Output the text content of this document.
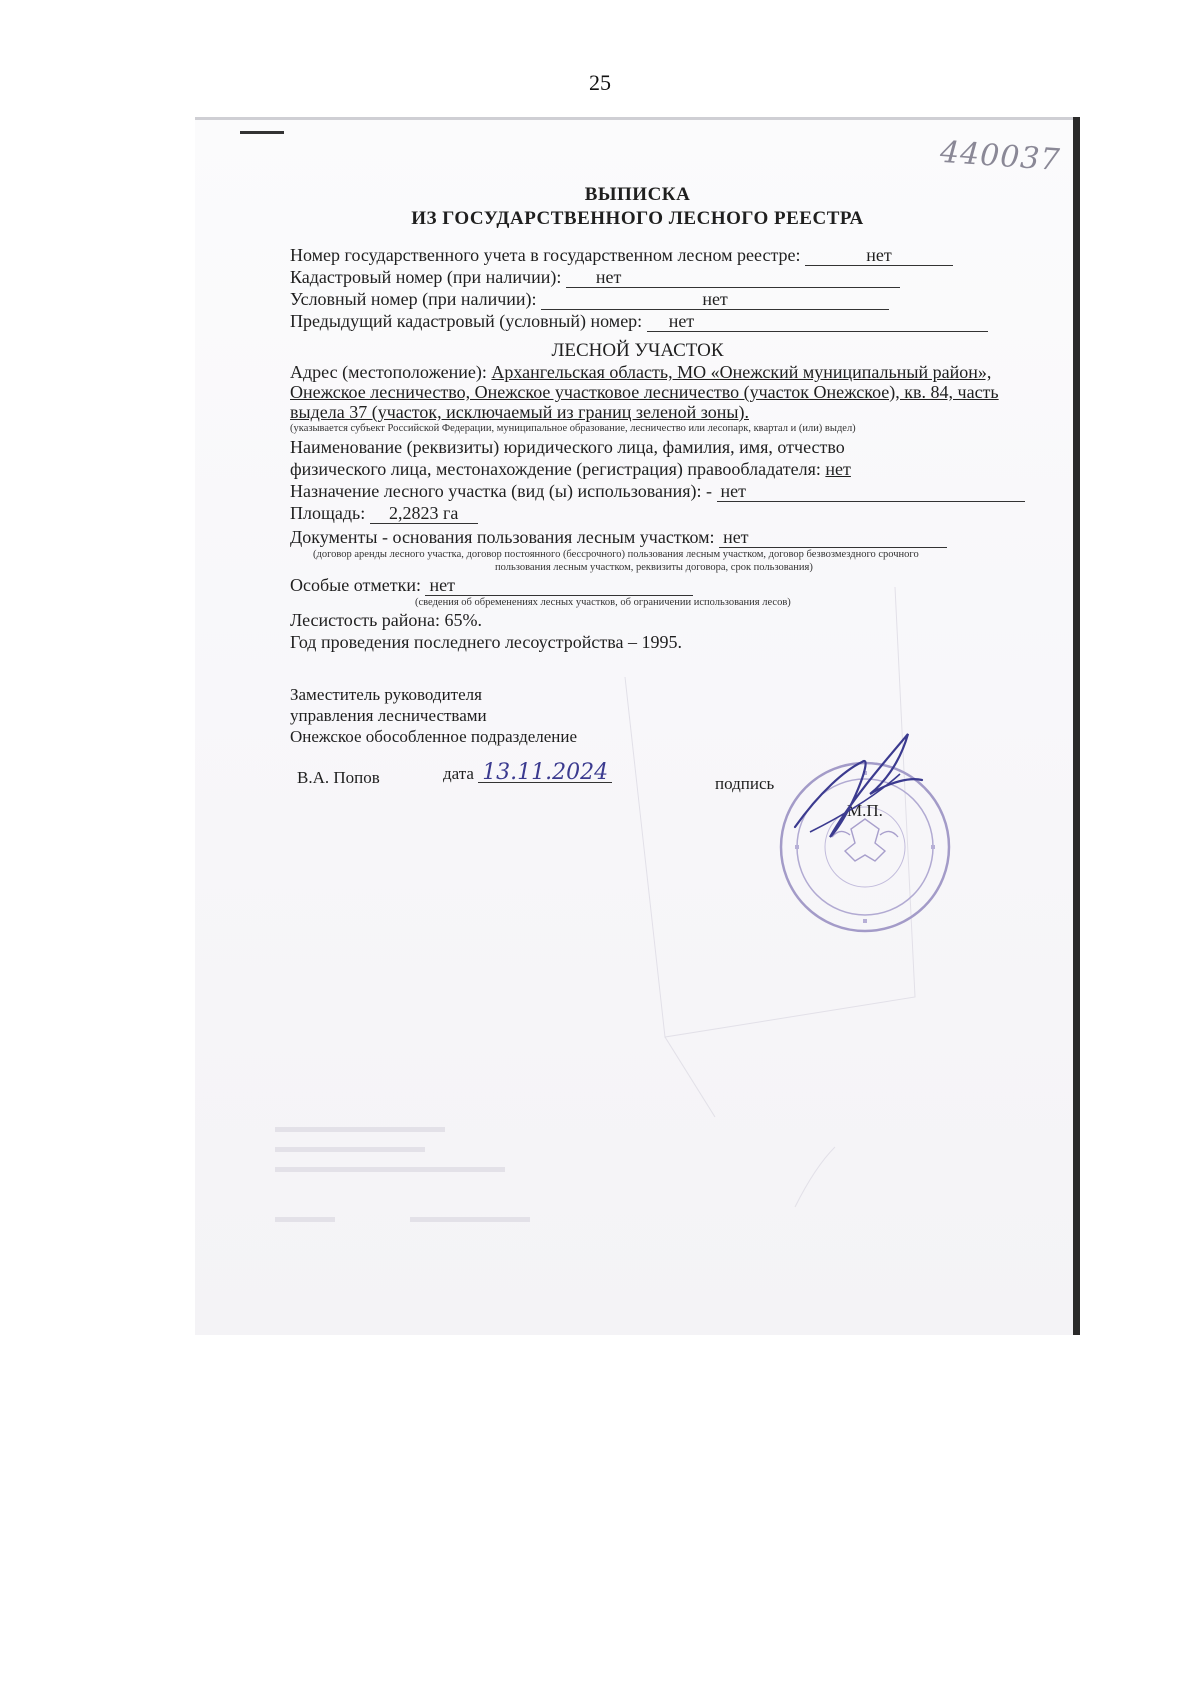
25
440037
ВЫПИСКА
ИЗ ГОСУДАРСТВЕННОГО ЛЕСНОГО РЕЕСТРА
Номер государственного учета в государственном лесном реестре:	нет
Кадастровый номер (при наличии): нет
Условный номер (при наличии):	нет
Предыдущий кадастровый (условный) номер: нет
ЛЕСНОЙ УЧАСТОК
Адрес (местоположение): Архангельская область, МО «Онежский муниципальный район»,
Онежское лесничество, Онежское участковое лесничество (участок Онежское), кв. 84, часть
выдела 37 (участок, исключаемый из границ зеленой зоны).
(указывается субъект Российской Федерации, муниципальное образование, лесничество или лесопарк, квартал и (или) выдел)
Наименование (реквизиты) юридического лица, фамилия, имя, отчество
физического лица, местонахождение (регистрация) правообладателя: нет
Назначение лесного участка (вид (ы) использования): - нет
Площадь: 2,2823 га
Документы - основания пользования лесным участком: нет
(договор аренды лесного участка, договор постоянного (бессрочного) пользования лесным участком, договор безвозмездного срочного
пользования лесным участком, реквизиты договора, срок пользования)
Особые отметки: нет
(сведения об обременениях лесных участков, об ограничении использования лесов)
Лесистость района: 65%.
Год проведения последнего лесоустройства – 1995.
Заместитель руководителя
управления лесничествами
Онежское обособленное подразделение
В.А. Попов	дата 13.11.2024	подпись
М.П.
